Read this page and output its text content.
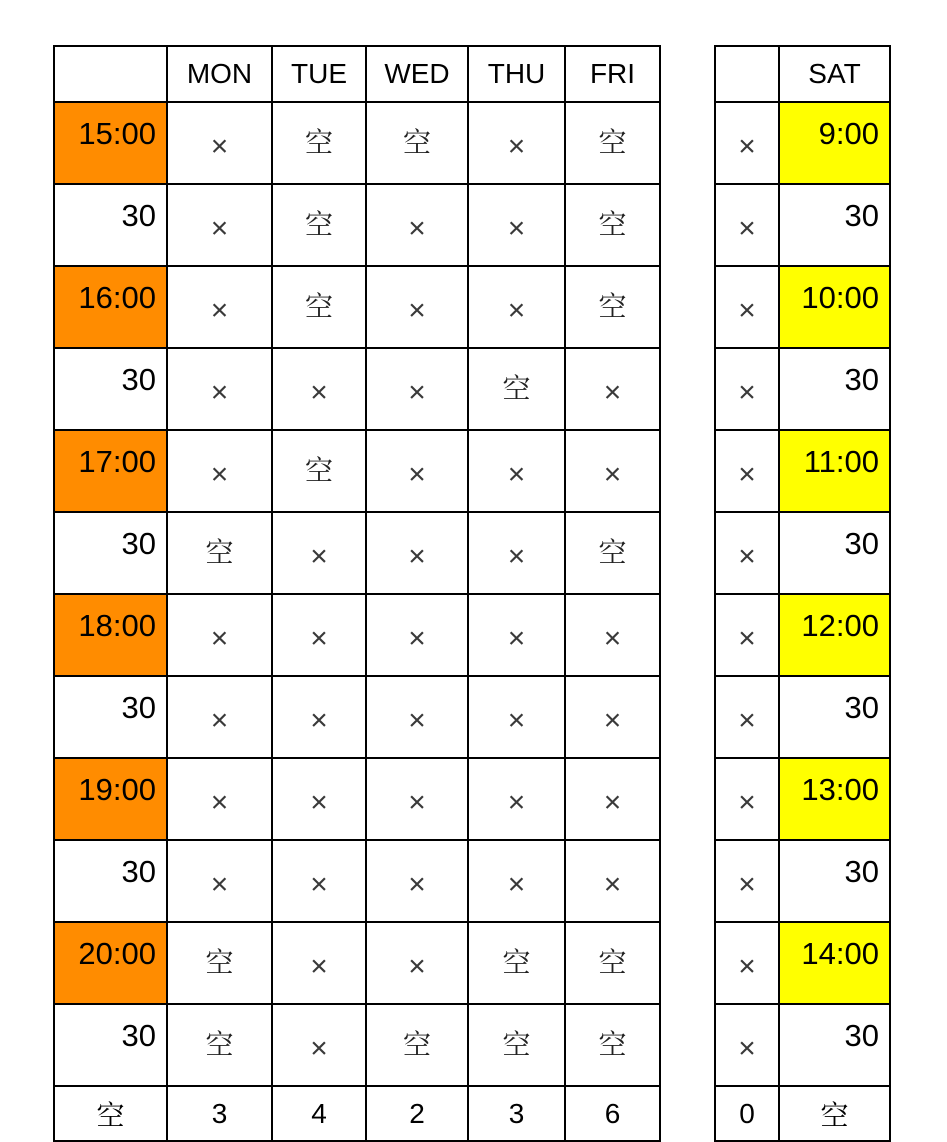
	MON	TUE	WED	THU	FRI
15:00	×	空	空	×	空
30	×	空	×	×	空
16:00	×	空	×	×	空
30	×	×	×	空	×
17:00	×	空	×	×	×
30	空	×	×	×	空
18:00	×	×	×	×	×
30	×	×	×	×	×
19:00	×	×	×	×	×
30	×	×	×	×	×
20:00	空	×	×	空	空
30	空	×	空	空	空
空	3	4	2	3	6
	SAT
×	9:00
×	30
×	10:00
×	30
×	11:00
×	30
×	12:00
×	30
×	13:00
×	30
×	14:00
×	30
0	空
